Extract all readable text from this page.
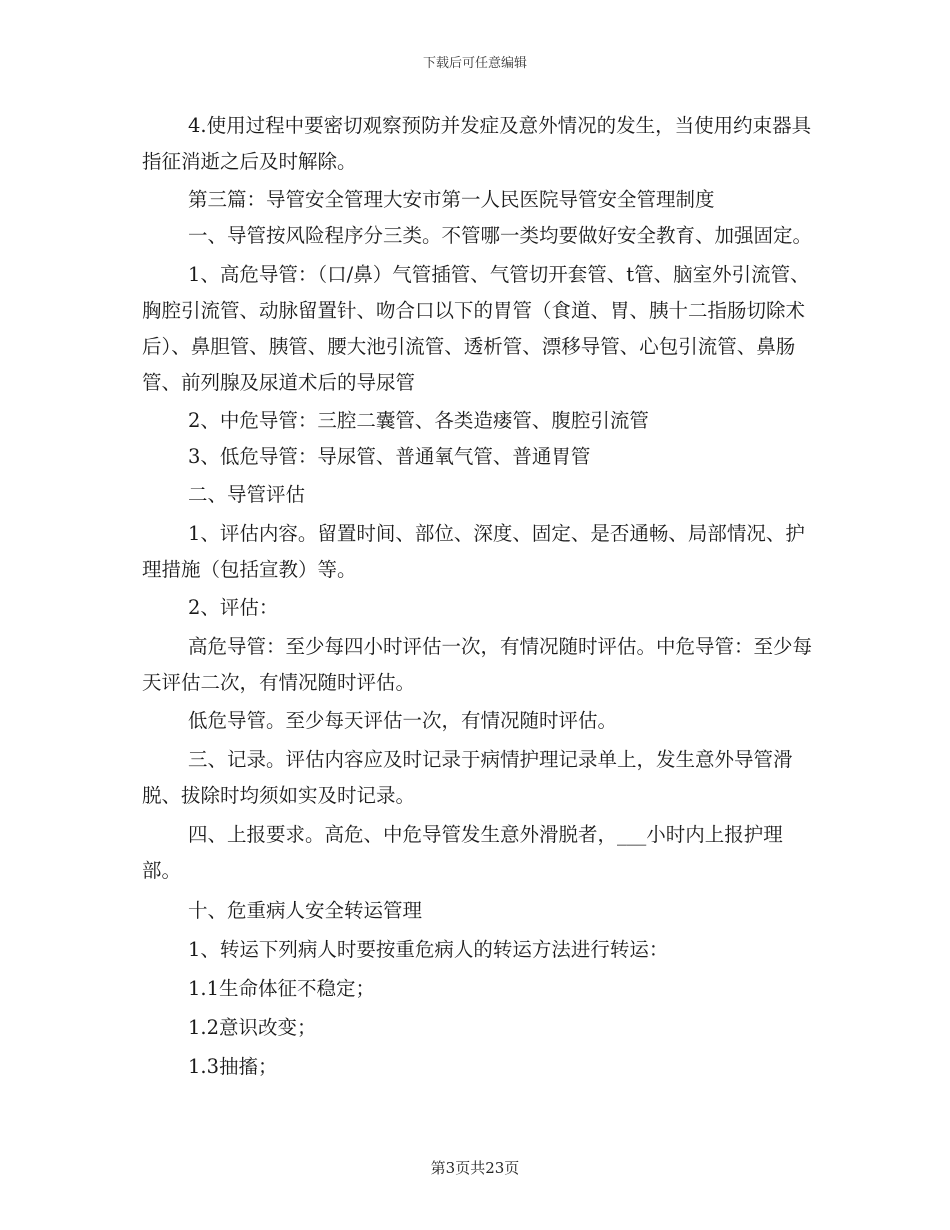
下载后可任意编辑

4.使用过程中要密切观察预防并发症及意外情况的发生，当使用约束器具指征消逝之后及时解除。

第三篇：导管安全管理大安市第一人民医院导管安全管理制度

一、导管按风险程序分三类。不管哪一类均要做好安全教育、加强固定。

1、高危导管：（口/鼻）气管插管、气管切开套管、t管、脑室外引流管、胸腔引流管、动脉留置针、吻合口以下的胃管（食道、胃、胰十二指肠切除术后）、鼻胆管、胰管、腰大池引流管、透析管、漂移导管、心包引流管、鼻肠管、前列腺及尿道术后的导尿管

2、中危导管：三腔二囊管、各类造瘘管、腹腔引流管

3、低危导管：导尿管、普通氧气管、普通胃管

二、导管评估

1、评估内容。留置时间、部位、深度、固定、是否通畅、局部情况、护理措施（包括宣教）等。

2、评估：

高危导管：至少每四小时评估一次，有情况随时评估。中危导管：至少每天评估二次，有情况随时评估。

低危导管。至少每天评估一次，有情况随时评估。

三、记录。评估内容应及时记录于病情护理记录单上，发生意外导管滑脱、拔除时均须如实及时记录。

四、上报要求。高危、中危导管发生意外滑脱者，___小时内上报护理部。

十、危重病人安全转运管理

1、转运下列病人时要按重危病人的转运方法进行转运：

1.1生命体征不稳定；

1.2意识改变；

1.3抽搐；

第3页共23页
